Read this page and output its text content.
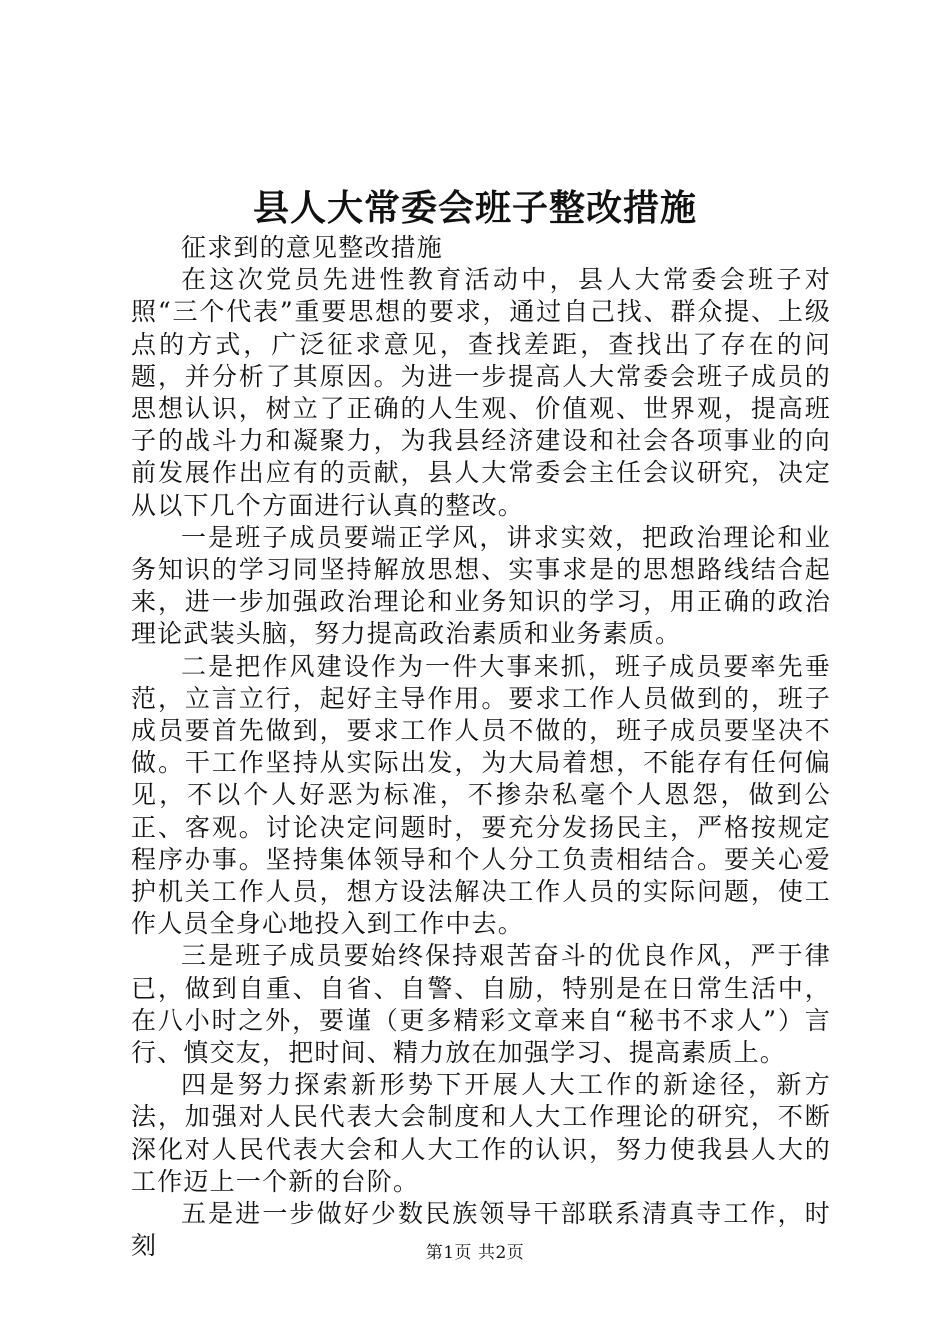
县人大常委会班子整改措施

征求到的意见整改措施

在这次党员先进性教育活动中，县人大常委会班子对照“三个代表”重要思想的要求，通过自己找、群众提、上级点的方式，广泛征求意见，查找差距，查找出了存在的问题，并分析了其原因。为进一步提高人大常委会班子成员的思想认识，树立了正确的人生观、价值观、世界观，提高班子的战斗力和凝聚力，为我县经济建设和社会各项事业的向前发展作出应有的贡献，县人大常委会主任会议研究，决定从以下几个方面进行认真的整改。

一是班子成员要端正学风，讲求实效，把政治理论和业务知识的学习同坚持解放思想、实事求是的思想路线结合起来，进一步加强政治理论和业务知识的学习，用正确的政治理论武装头脑，努力提高政治素质和业务素质。

二是把作风建设作为一件大事来抓，班子成员要率先垂范，立言立行，起好主导作用。要求工作人员做到的，班子成员要首先做到，要求工作人员不做的，班子成员要坚决不做。干工作坚持从实际出发，为大局着想，不能存有任何偏见，不以个人好恶为标准，不掺杂私毫个人恩怨，做到公正、客观。讨论决定问题时，要充分发扬民主，严格按规定程序办事。坚持集体领导和个人分工负责相结合。要关心爱护机关工作人员，想方设法解决工作人员的实际问题，使工作人员全身心地投入到工作中去。

三是班子成员要始终保持艰苦奋斗的优良作风，严于律已，做到自重、自省、自警、自励，特别是在日常生活中，在八小时之外，要谨（更多精彩文章来自“秘书不求人”）言行、慎交友，把时间、精力放在加强学习、提高素质上。

四是努力探索新形势下开展人大工作的新途径，新方法，加强对人民代表大会制度和人大工作理论的研究，不断深化对人民代表大会和人大工作的认识，努力使我县人大的工作迈上一个新的台阶。

五是进一步做好少数民族领导干部联系清真寺工作，时刻	第1页 共2页
